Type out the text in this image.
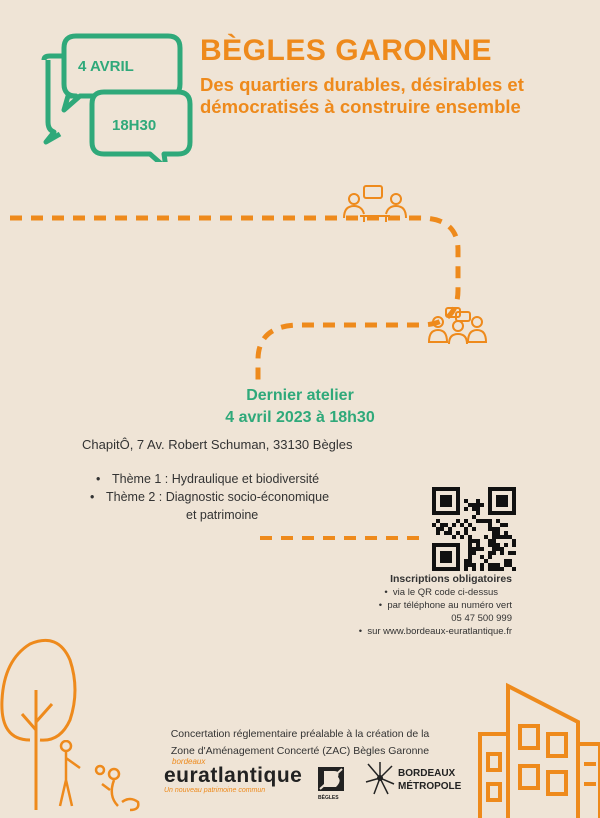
4 AVRIL
18H30
BÈGLES GARONNE
Des quartiers durables, désirables et
démocratisés à construire ensemble
Dernier atelier
4 avril 2023 à 18h30
ChapitÔ, 7 Av. Robert Schuman, 33130 Bègles
• Thème 1 : Hydraulique et biodiversité
• Thème 2 : Diagnostic socio-économique
et patrimoine
Inscriptions obligatoires
• via le QR code ci-dessus
• par téléphone au numéro vert
05 47 500 999
• sur www.bordeaux-euratlantique.fr
Concertation réglementaire préalable à la création de la
Zone d'Aménagement Concerté (ZAC) Bègles Garonne
bordeaux
euratlantique
Un nouveau patrimoine commun
BÈGLES
BORDEAUX
MÉTROPOLE
